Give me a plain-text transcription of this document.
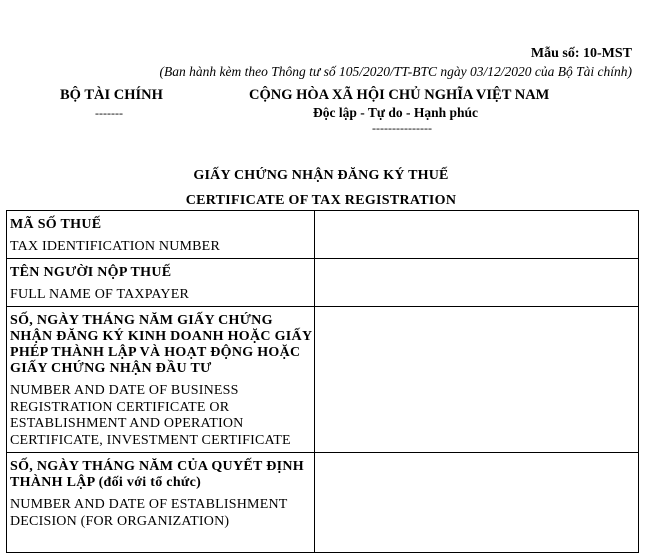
Mẫu số: 10-MST
(Ban hành kèm theo Thông tư số 105/2020/TT-BTC ngày 03/12/2020 của Bộ Tài chính)
BỘ TÀI CHÍNH
-------
CỘNG HÒA XÃ HỘI CHỦ NGHĨA VIỆT NAM
Độc lập - Tự do - Hạnh phúc
---------------
GIẤY CHỨNG NHẬN ĐĂNG KÝ THUẾ
CERTIFICATE OF TAX REGISTRATION
MÃ SỐ THUẾ
TAX IDENTIFICATION NUMBER	

TÊN NGƯỜI NỘP THUẾ
FULL NAME OF TAXPAYER	

SỐ, NGÀY THÁNG NĂM GIẤY CHỨNG NHẬN ĐĂNG KÝ KINH DOANH HOẶC GIẤY PHÉP THÀNH LẬP VÀ HOẠT ĐỘNG HOẶC GIẤY CHỨNG NHẬN ĐẦU TƯ
NUMBER AND DATE OF BUSINESS REGISTRATION CERTIFICATE OR ESTABLISHMENT AND OPERATION CERTIFICATE, INVESTMENT CERTIFICATE	

SỐ, NGÀY THÁNG NĂM CỦA QUYẾT ĐỊNH THÀNH LẬP (đối với tổ chức)
NUMBER AND DATE OF ESTABLISHMENT DECISION (FOR ORGANIZATION)	
